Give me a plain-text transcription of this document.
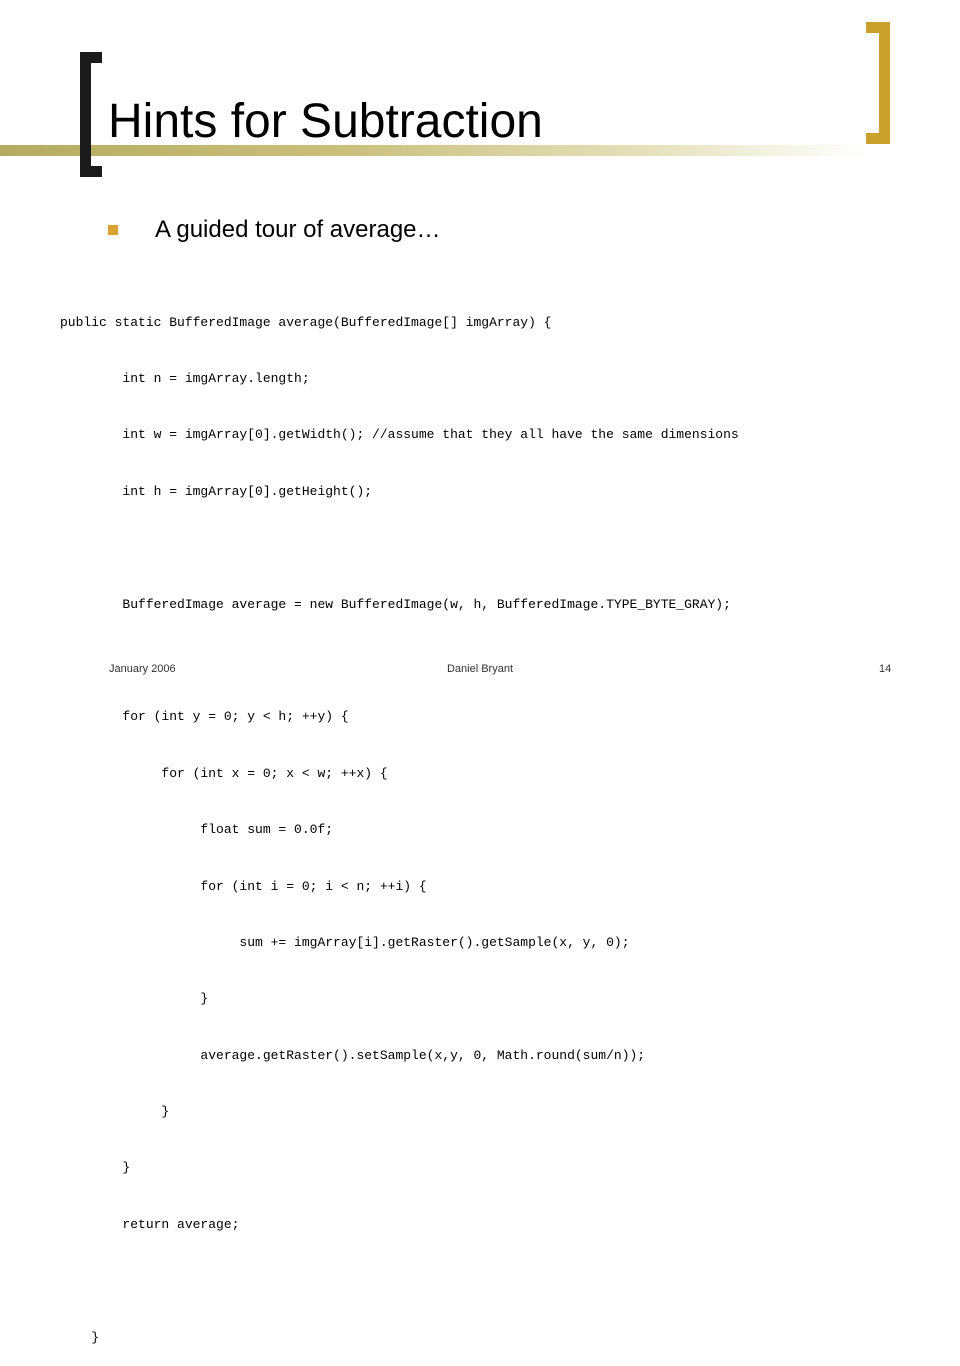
Hints for Subtraction
A guided tour of average…

public static BufferedImage average(BufferedImage[] imgArray) {

int n = imgArray.length;

int w = imgArray[0].getWidth(); //assume that they all have the same dimensions

int h = imgArray[0].getHeight();

BufferedImage average = new BufferedImage(w, h, BufferedImage.TYPE_BYTE_GRAY);

for (int y = 0; y < h; ++y) {

for (int x = 0; x < w; ++x) {

float sum = 0.0f;

for (int i = 0; i < n; ++i) {

sum += imgArray[i].getRaster().getSample(x, y, 0);

}

average.getRaster().setSample(x,y, 0, Math.round(sum/n));

}

}

return average;

}

January 2006	Daniel Bryant	14
